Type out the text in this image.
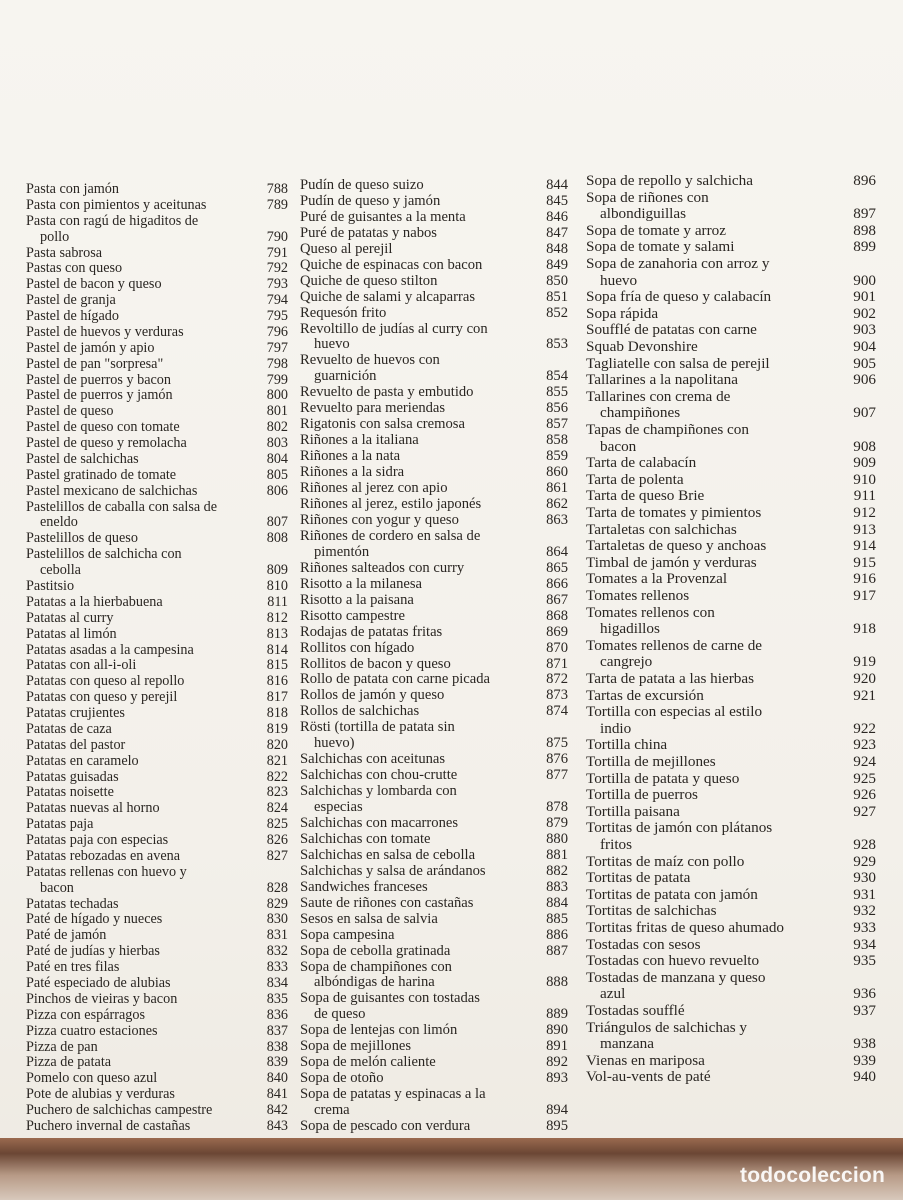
Pasta con jamón	788
Pasta con pimientos y aceitunas	789
Pasta con ragú de higaditos de
pollo	790
Pasta sabrosa	791
Pastas con queso	792
Pastel de bacon y queso	793
Pastel de granja	794
Pastel de hígado	795
Pastel de huevos y verduras	796
Pastel de jamón y apio	797
Pastel de pan "sorpresa"	798
Pastel de puerros y bacon	799
Pastel de puerros y jamón	800
Pastel de queso	801
Pastel de queso con tomate	802
Pastel de queso y remolacha	803
Pastel de salchichas	804
Pastel gratinado de tomate	805
Pastel mexicano de salchichas	806
Pastelillos de caballa con salsa de
eneldo	807
Pastelillos de queso	808
Pastelillos de salchicha con
cebolla	809
Pastitsio	810
Patatas a la hierbabuena	811
Patatas al curry	812
Patatas al limón	813
Patatas asadas a la campesina	814
Patatas con all-i-oli	815
Patatas con queso al repollo	816
Patatas con queso y perejil	817
Patatas crujientes	818
Patatas de caza	819
Patatas del pastor	820
Patatas en caramelo	821
Patatas guisadas	822
Patatas noisette	823
Patatas nuevas al horno	824
Patatas paja	825
Patatas paja con especias	826
Patatas rebozadas en avena	827
Patatas rellenas con huevo y
bacon	828
Patatas techadas	829
Paté de hígado y nueces	830
Paté de jamón	831
Paté de judías y hierbas	832
Paté en tres filas	833
Paté especiado de alubias	834
Pinchos de vieiras y bacon	835
Pizza con espárragos	836
Pizza cuatro estaciones	837
Pizza de pan	838
Pizza de patata	839
Pomelo con queso azul	840
Pote de alubias y verduras	841
Puchero de salchichas campestre	842
Puchero invernal de castañas	843
Pudín de queso suizo	844
Pudín de queso y jamón	845
Puré de guisantes a la menta	846
Puré de patatas y nabos	847
Queso al perejil	848
Quiche de espinacas con bacon	849
Quiche de queso stilton	850
Quiche de salami y alcaparras	851
Requesón frito	852
Revoltillo de judías al curry con
huevo	853
Revuelto de huevos con
guarnición	854
Revuelto de pasta y embutido	855
Revuelto para meriendas	856
Rigatonis con salsa cremosa	857
Riñones a la italiana	858
Riñones a la nata	859
Riñones a la sidra	860
Riñones al jerez con apio	861
Riñones al jerez, estilo japonés	862
Riñones con yogur y queso	863
Riñones de cordero en salsa de
pimentón	864
Riñones salteados con curry	865
Risotto a la milanesa	866
Risotto a la paisana	867
Risotto campestre	868
Rodajas de patatas fritas	869
Rollitos con hígado	870
Rollitos de bacon y queso	871
Rollo de patata con carne picada	872
Rollos de jamón y queso	873
Rollos de salchichas	874
Rösti (tortilla de patata sin
huevo)	875
Salchichas con aceitunas	876
Salchichas con chou-crutte	877
Salchichas y lombarda con
especias	878
Salchichas con macarrones	879
Salchichas con tomate	880
Salchichas en salsa de cebolla	881
Salchichas y salsa de arándanos	882
Sandwiches franceses	883
Saute de riñones con castañas	884
Sesos en salsa de salvia	885
Sopa campesina	886
Sopa de cebolla gratinada	887
Sopa de champiñones con
albóndigas de harina	888
Sopa de guisantes con tostadas
de queso	889
Sopa de lentejas con limón	890
Sopa de mejillones	891
Sopa de melón caliente	892
Sopa de otoño	893
Sopa de patatas y espinacas a la
crema	894
Sopa de pescado con verdura	895
Sopa de repollo y salchicha	896
Sopa de riñones con
albondiguillas	897
Sopa de tomate y arroz	898
Sopa de tomate y salami	899
Sopa de zanahoria con arroz y
huevo	900
Sopa fría de queso y calabacín	901
Sopa rápida	902
Soufflé de patatas con carne	903
Squab Devonshire	904
Tagliatelle con salsa de perejil	905
Tallarines a la napolitana	906
Tallarines con crema de
champiñones	907
Tapas de champiñones con
bacon	908
Tarta de calabacín	909
Tarta de polenta	910
Tarta de queso Brie	911
Tarta de tomates y pimientos	912
Tartaletas con salchichas	913
Tartaletas de queso y anchoas	914
Timbal de jamón y verduras	915
Tomates a la Provenzal	916
Tomates rellenos	917
Tomates rellenos con
higadillos	918
Tomates rellenos de carne de
cangrejo	919
Tarta de patata a las hierbas	920
Tartas de excursión	921
Tortilla con especias al estilo
indio	922
Tortilla china	923
Tortilla de mejillones	924
Tortilla de patata y queso	925
Tortilla de puerros	926
Tortilla paisana	927
Tortitas de jamón con plátanos
fritos	928
Tortitas de maíz con pollo	929
Tortitas de patata	930
Tortitas de patata con jamón	931
Tortitas de salchichas	932
Tortitas fritas de queso ahumado	933
Tostadas con sesos	934
Tostadas con huevo revuelto	935
Tostadas de manzana y queso
azul	936
Tostadas soufflé	937
Triángulos de salchichas y
manzana	938
Vienas en mariposa	939
Vol-au-vents de paté	940
todocoleccion
